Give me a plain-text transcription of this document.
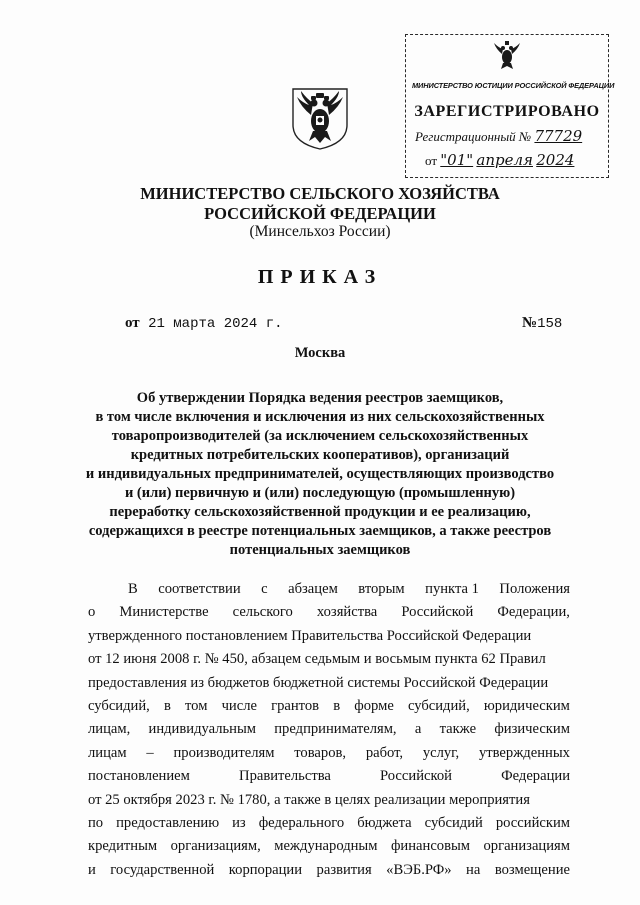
МИНИСТЕРСТВО ЮСТИЦИИ РОССИЙСКОЙ ФЕДЕРАЦИИ
ЗАРЕГИСТРИРОВАНО
Регистрационный № 77729
от "01" апреля 2024
МИНИСТЕРСТВО СЕЛЬСКОГО ХОЗЯЙСТВА
РОССИЙСКОЙ ФЕДЕРАЦИИ
(Минсельхоз России)
ПРИКАЗ
от 21 марта 2024 г.	№158
Москва
Об утверждении Порядка ведения реестров заемщиков,
в том числе включения и исключения из них сельскохозяйственных
товаропроизводителей (за исключением сельскохозяйственных
кредитных потребительских кооперативов), организаций
и индивидуальных предпринимателей, осуществляющих производство
и (или) первичную и (или) последующую (промышленную)
переработку сельскохозяйственной продукции и ее реализацию,
содержащихся в реестре потенциальных заемщиков, а также реестров
потенциальных заемщиков
В соответствии с абзацем вторым пункта 1 Положения
о Министерстве сельского хозяйства Российской Федерации,
утвержденного постановлением Правительства Российской Федерации
от 12 июня 2008 г. № 450, абзацем седьмым и восьмым пункта 62 Правил
предоставления из бюджетов бюджетной системы Российской Федерации
субсидий, в том числе грантов в форме субсидий, юридическим
лицам, индивидуальным предпринимателям, а также физическим
лицам – производителям товаров, работ, услуг, утвержденных
постановлением	Правительства	Российской	Федерации
от 25 октября 2023 г. № 1780, а также в целях реализации мероприятия
по предоставлению из федерального бюджета субсидий российским
кредитным организациям, международным финансовым организациям
и государственной корпорации развития «ВЭБ.РФ» на возмещение
